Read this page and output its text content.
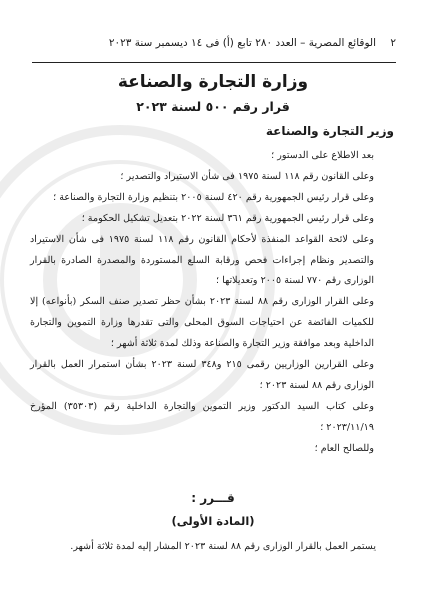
٢
الوقائع المصرية – العدد ٢٨٠ تابع (أ) فى ١٤ ديسمبر سنة ٢٠٢٣
وزارة التجارة والصناعة
قرار رقم ٥٠٠ لسنة ٢٠٢٣
وزير التجارة والصناعة

بعد الاطلاع على الدستور ؛

وعلى القانون رقم ١١٨ لسنة ١٩٧٥ فى شأن الاستيراد والتصدير ؛

وعلى قرار رئيس الجمهورية رقم ٤٢٠ لسنة ٢٠٠٥ بتنظيم وزارة التجارة والصناعة ؛

وعلى قرار رئيس الجمهورية رقم ٣٦١ لسنة ٢٠٢٢ بتعديل تشكيل الحكومة ؛

وعلى لائحة القواعد المنفذة لأحكام القانون رقم ١١٨ لسنة ١٩٧٥ فى شأن الاستيراد والتصدير ونظام إجراءات فحص ورقابة السلع المستوردة والمصدرة الصادرة بالقرار الوزارى رقم ٧٧٠ لسنة ٢٠٠٥ وتعديلاتها ؛

وعلى القرار الوزارى رقم ٨٨ لسنة ٢٠٢٣ بشأن حظر تصدير صنف السكر (بأنواعه) إلا للكميات الفائضة عن احتياجات السوق المحلى والتى تقدرها وزارة التموين والتجارة الداخلية وبعد موافقة وزير التجارة والصناعة وذلك لمدة ثلاثة أشهر ؛

وعلى القرارين الوزاريين رقمى ٢١٥ و٣٤٨ لسنة ٢٠٢٣ بشأن استمرار العمل بالقرار الوزارى رقم ٨٨ لسنة ٢٠٢٣ ؛

وعلى كتاب السيد الدكتور وزير التموين والتجارة الداخلية رقم (٣٥٣٠٣) المؤرخ ٢٠٢٣/١١/١٩ ؛

وللصالح العام ؛

قـــرر :
(المادة الأولى)
يستمر العمل بالقرار الوزارى رقم ٨٨ لسنة ٢٠٢٣ المشار إليه لمدة ثلاثة أشهر.
